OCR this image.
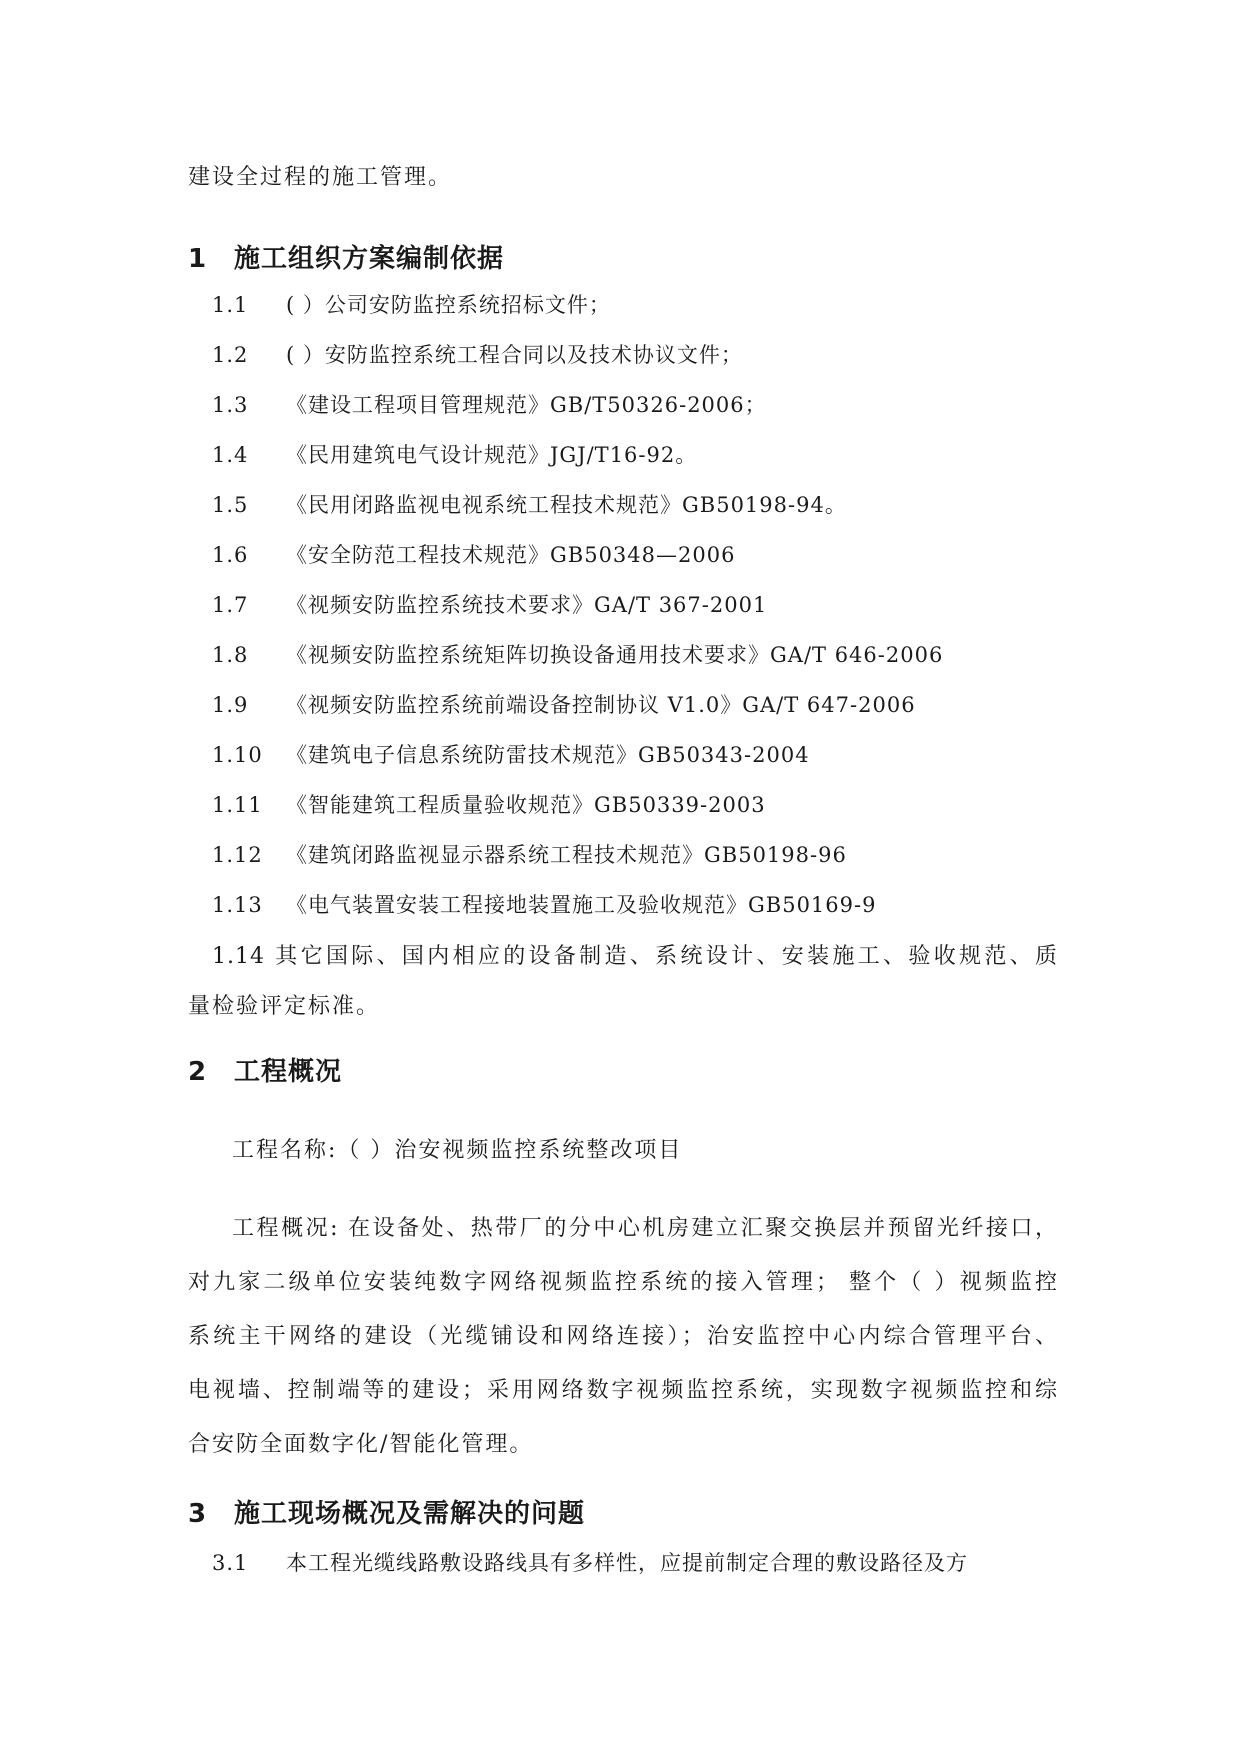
建设全过程的施工管理。
1 施工组织方案编制依据
1.1 ( ）公司安防监控系统招标文件；
1.2 ( ）安防监控系统工程合同以及技术协议文件；
1.3 《建设工程项目管理规范》GB/T50326-2006；
1.4 《民用建筑电气设计规范》JGJ/T16-92。
1.5 《民用闭路监视电视系统工程技术规范》GB50198-94。
1.6 《安全防范工程技术规范》GB50348—2006
1.7 《视频安防监控系统技术要求》GA/T 367-2001
1.8 《视频安防监控系统矩阵切换设备通用技术要求》GA/T 646-2006
1.9 《视频安防监控系统前端设备控制协议 V1.0》GA/T 647-2006
1.10 《建筑电子信息系统防雷技术规范》GB50343-2004
1.11 《智能建筑工程质量验收规范》GB50339-2003
1.12 《建筑闭路监视显示器系统工程技术规范》GB50198-96
1.13 《电气装置安装工程接地装置施工及验收规范》GB50169-9
1.14 其它国际、国内相应的设备制造、系统设计、安装施工、验收规范、质
量检验评定标准。
2 工程概况
工程名称:（ ）治安视频监控系统整改项目
工程概况: 在设备处、热带厂的分中心机房建立汇聚交换层并预留光纤接口，
对九家二级单位安装纯数字网络视频监控系统的接入管理； 整个（ ）视频监控
系统主干网络的建设（光缆铺设和网络连接）；治安监控中心内综合管理平台、
电视墙、控制端等的建设；采用网络数字视频监控系统，实现数字视频监控和综
合安防全面数字化/智能化管理。
3 施工现场概况及需解决的问题
3.1 本工程光缆线路敷设路线具有多样性，应提前制定合理的敷设路径及方
